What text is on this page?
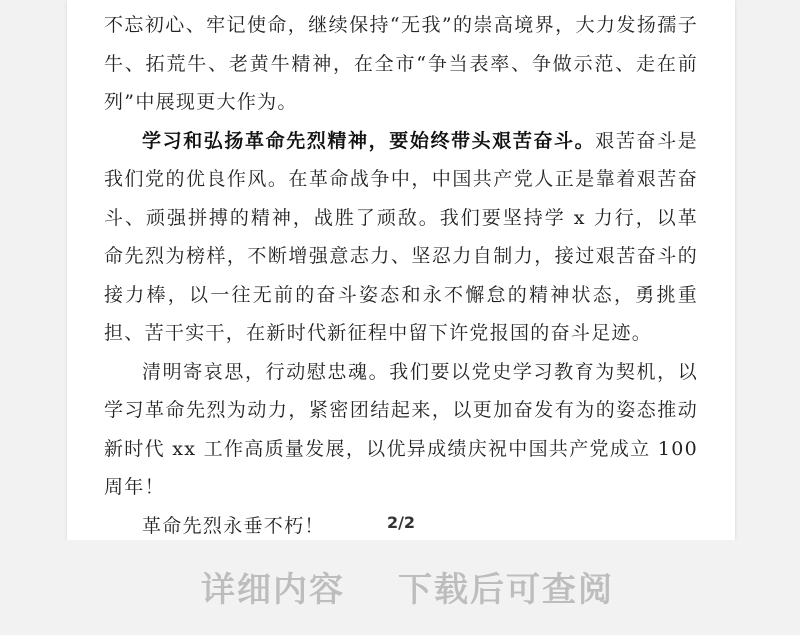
不忘初心、牢记使命，继续保持“无我”的崇高境界，大力发扬孺子牛、拓荒牛、老黄牛精神，在全市“争当表率、争做示范、走在前列”中展现更大作为。

学习和弘扬革命先烈精神，要始终带头艰苦奋斗。艰苦奋斗是我们党的优良作风。在革命战争中，中国共产党人正是靠着艰苦奋斗、顽强拼搏的精神，战胜了顽敌。我们要坚持学 x 力行，以革命先烈为榜样，不断增强意志力、坚忍力自制力，接过艰苦奋斗的接力棒，以一往无前的奋斗姿态和永不懈怠的精神状态，勇挑重担、苦干实干，在新时代新征程中留下许党报国的奋斗足迹。

清明寄哀思，行动慰忠魂。我们要以党史学习教育为契机，以学习革命先烈为动力，紧密团结起来，以更加奋发有为的姿态推动新时代 xx 工作高质量发展，以优异成绩庆祝中国共产党成立 100 周年！

革命先烈永垂不朽！	2/2
详细内容 下载后可查阅
